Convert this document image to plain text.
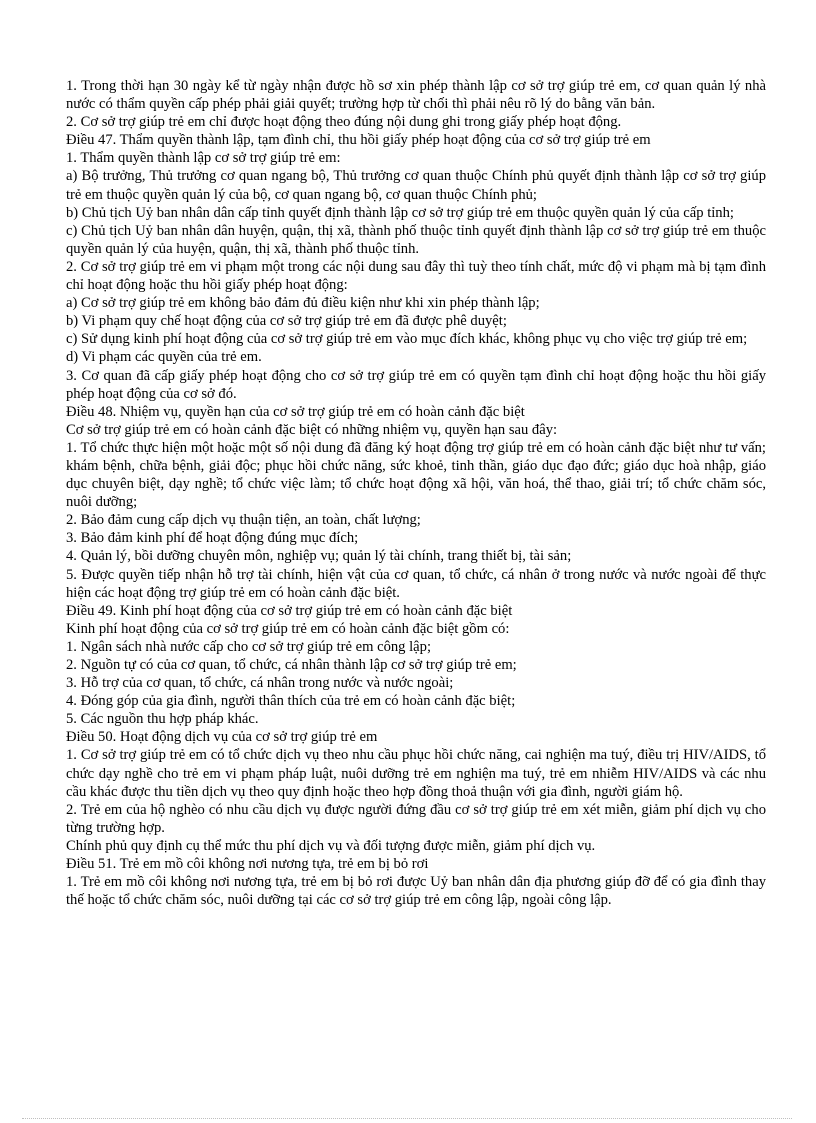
1. Trong thời hạn 30 ngày kể từ ngày nhận được hồ sơ xin phép thành lập cơ sở trợ giúp trẻ em, cơ quan quản lý nhà nước có thẩm quyền cấp phép phải giải quyết; trường hợp từ chối thì phải nêu rõ lý do bằng văn bản.

2. Cơ sở trợ giúp trẻ em chỉ được hoạt động theo đúng nội dung ghi trong giấy phép hoạt động.

Điều 47. Thẩm quyền thành lập, tạm đình chỉ, thu hồi giấy phép hoạt động của cơ sở trợ giúp trẻ em

1. Thẩm quyền thành lập cơ sở trợ giúp trẻ em:

a) Bộ trưởng, Thủ trưởng cơ quan ngang bộ, Thủ trưởng cơ quan thuộc Chính phủ quyết định thành lập cơ sở trợ giúp trẻ em thuộc quyền quản lý của bộ, cơ quan ngang bộ, cơ quan thuộc Chính phủ;

b) Chủ tịch Uỷ ban nhân dân cấp tỉnh quyết định thành lập cơ sở trợ giúp trẻ em thuộc quyền quản lý của cấp tỉnh;

c) Chủ tịch Uỷ ban nhân dân huyện, quận, thị xã, thành phố thuộc tỉnh quyết định thành lập cơ sở trợ giúp trẻ em thuộc quyền quản lý của huyện, quận, thị xã, thành phố thuộc tỉnh.

2. Cơ sở trợ giúp trẻ em vi phạm một trong các nội dung sau đây thì tuỳ theo tính chất, mức độ vi phạm mà bị tạm đình chỉ hoạt động hoặc thu hồi giấy phép hoạt động:

a) Cơ sở trợ giúp trẻ em không bảo đảm đủ điều kiện như khi xin phép thành lập;

b) Vi phạm quy chế hoạt động của cơ sở trợ giúp trẻ em đã được phê duyệt;

c) Sử dụng kinh phí hoạt động của cơ sở trợ giúp trẻ em vào mục đích khác, không phục vụ cho việc trợ giúp trẻ em;

d) Vi phạm các quyền của trẻ em.

3. Cơ quan đã cấp giấy phép hoạt động cho cơ sở trợ giúp trẻ em có quyền tạm đình chỉ hoạt động hoặc thu hồi giấy phép hoạt động của cơ sở đó.

Điều 48. Nhiệm vụ, quyền hạn của cơ sở trợ giúp trẻ em có hoàn cảnh đặc biệt

Cơ sở trợ giúp trẻ em có hoàn cảnh đặc biệt có những nhiệm vụ, quyền hạn sau đây:

1. Tổ chức thực hiện một hoặc một số nội dung đã đăng ký hoạt động trợ giúp trẻ em có hoàn cảnh đặc biệt như tư vấn; khám bệnh, chữa bệnh, giải độc; phục hồi chức năng, sức khoẻ, tinh thần, giáo dục đạo đức; giáo dục hoà nhập, giáo dục chuyên biệt, dạy nghề; tổ chức việc làm; tổ chức hoạt động xã hội, văn hoá, thể thao, giải trí; tổ chức chăm sóc, nuôi dưỡng;

2. Bảo đảm cung cấp dịch vụ thuận tiện, an toàn, chất lượng;

3. Bảo đảm kinh phí để hoạt động đúng mục đích;

4. Quản lý, bồi dưỡng chuyên môn, nghiệp vụ; quản lý tài chính, trang thiết bị, tài sản;

5. Được quyền tiếp nhận hỗ trợ tài chính, hiện vật của cơ quan, tổ chức, cá nhân ở trong nước và nước ngoài để thực hiện các hoạt động trợ giúp trẻ em có hoàn cảnh đặc biệt.

Điều 49. Kinh phí hoạt động của cơ sở trợ giúp trẻ em có hoàn cảnh đặc biệt

Kinh phí hoạt động của cơ sở trợ giúp trẻ em có hoàn cảnh đặc biệt gồm có:

1. Ngân sách nhà nước cấp cho cơ sở trợ giúp trẻ em công lập;

2. Nguồn tự có của cơ quan, tổ chức, cá nhân thành lập cơ sở trợ giúp trẻ em;

3. Hỗ trợ của cơ quan, tổ chức, cá nhân trong nước và nước ngoài;

4. Đóng góp của gia đình, người thân thích của trẻ em có hoàn cảnh đặc biệt;

5. Các nguồn thu hợp pháp khác.

Điều 50. Hoạt động dịch vụ của cơ sở trợ giúp trẻ em

1. Cơ sở trợ giúp trẻ em có tổ chức dịch vụ theo nhu cầu phục hồi chức năng, cai nghiện ma tuý, điều trị HIV/AIDS, tổ chức dạy nghề cho trẻ em vi phạm pháp luật, nuôi dưỡng trẻ em nghiện ma tuý, trẻ em nhiễm HIV/AIDS và các nhu cầu khác được thu tiền dịch vụ theo quy định hoặc theo hợp đồng thoả thuận với gia đình, người giám hộ.

2. Trẻ em của hộ nghèo có nhu cầu dịch vụ được người đứng đầu cơ sở trợ giúp trẻ em xét miễn, giảm phí dịch vụ cho từng trường hợp.

Chính phủ quy định cụ thể mức thu phí dịch vụ và đối tượng được miễn, giảm phí dịch vụ.

Điều 51. Trẻ em mồ côi không nơi nương tựa, trẻ em bị bỏ rơi

1. Trẻ em mồ côi không nơi nương tựa, trẻ em bị bỏ rơi được Uỷ ban nhân dân địa phương giúp đỡ để có gia đình thay thế hoặc tổ chức chăm sóc, nuôi dưỡng tại các cơ sở trợ giúp trẻ em công lập, ngoài công lập.
